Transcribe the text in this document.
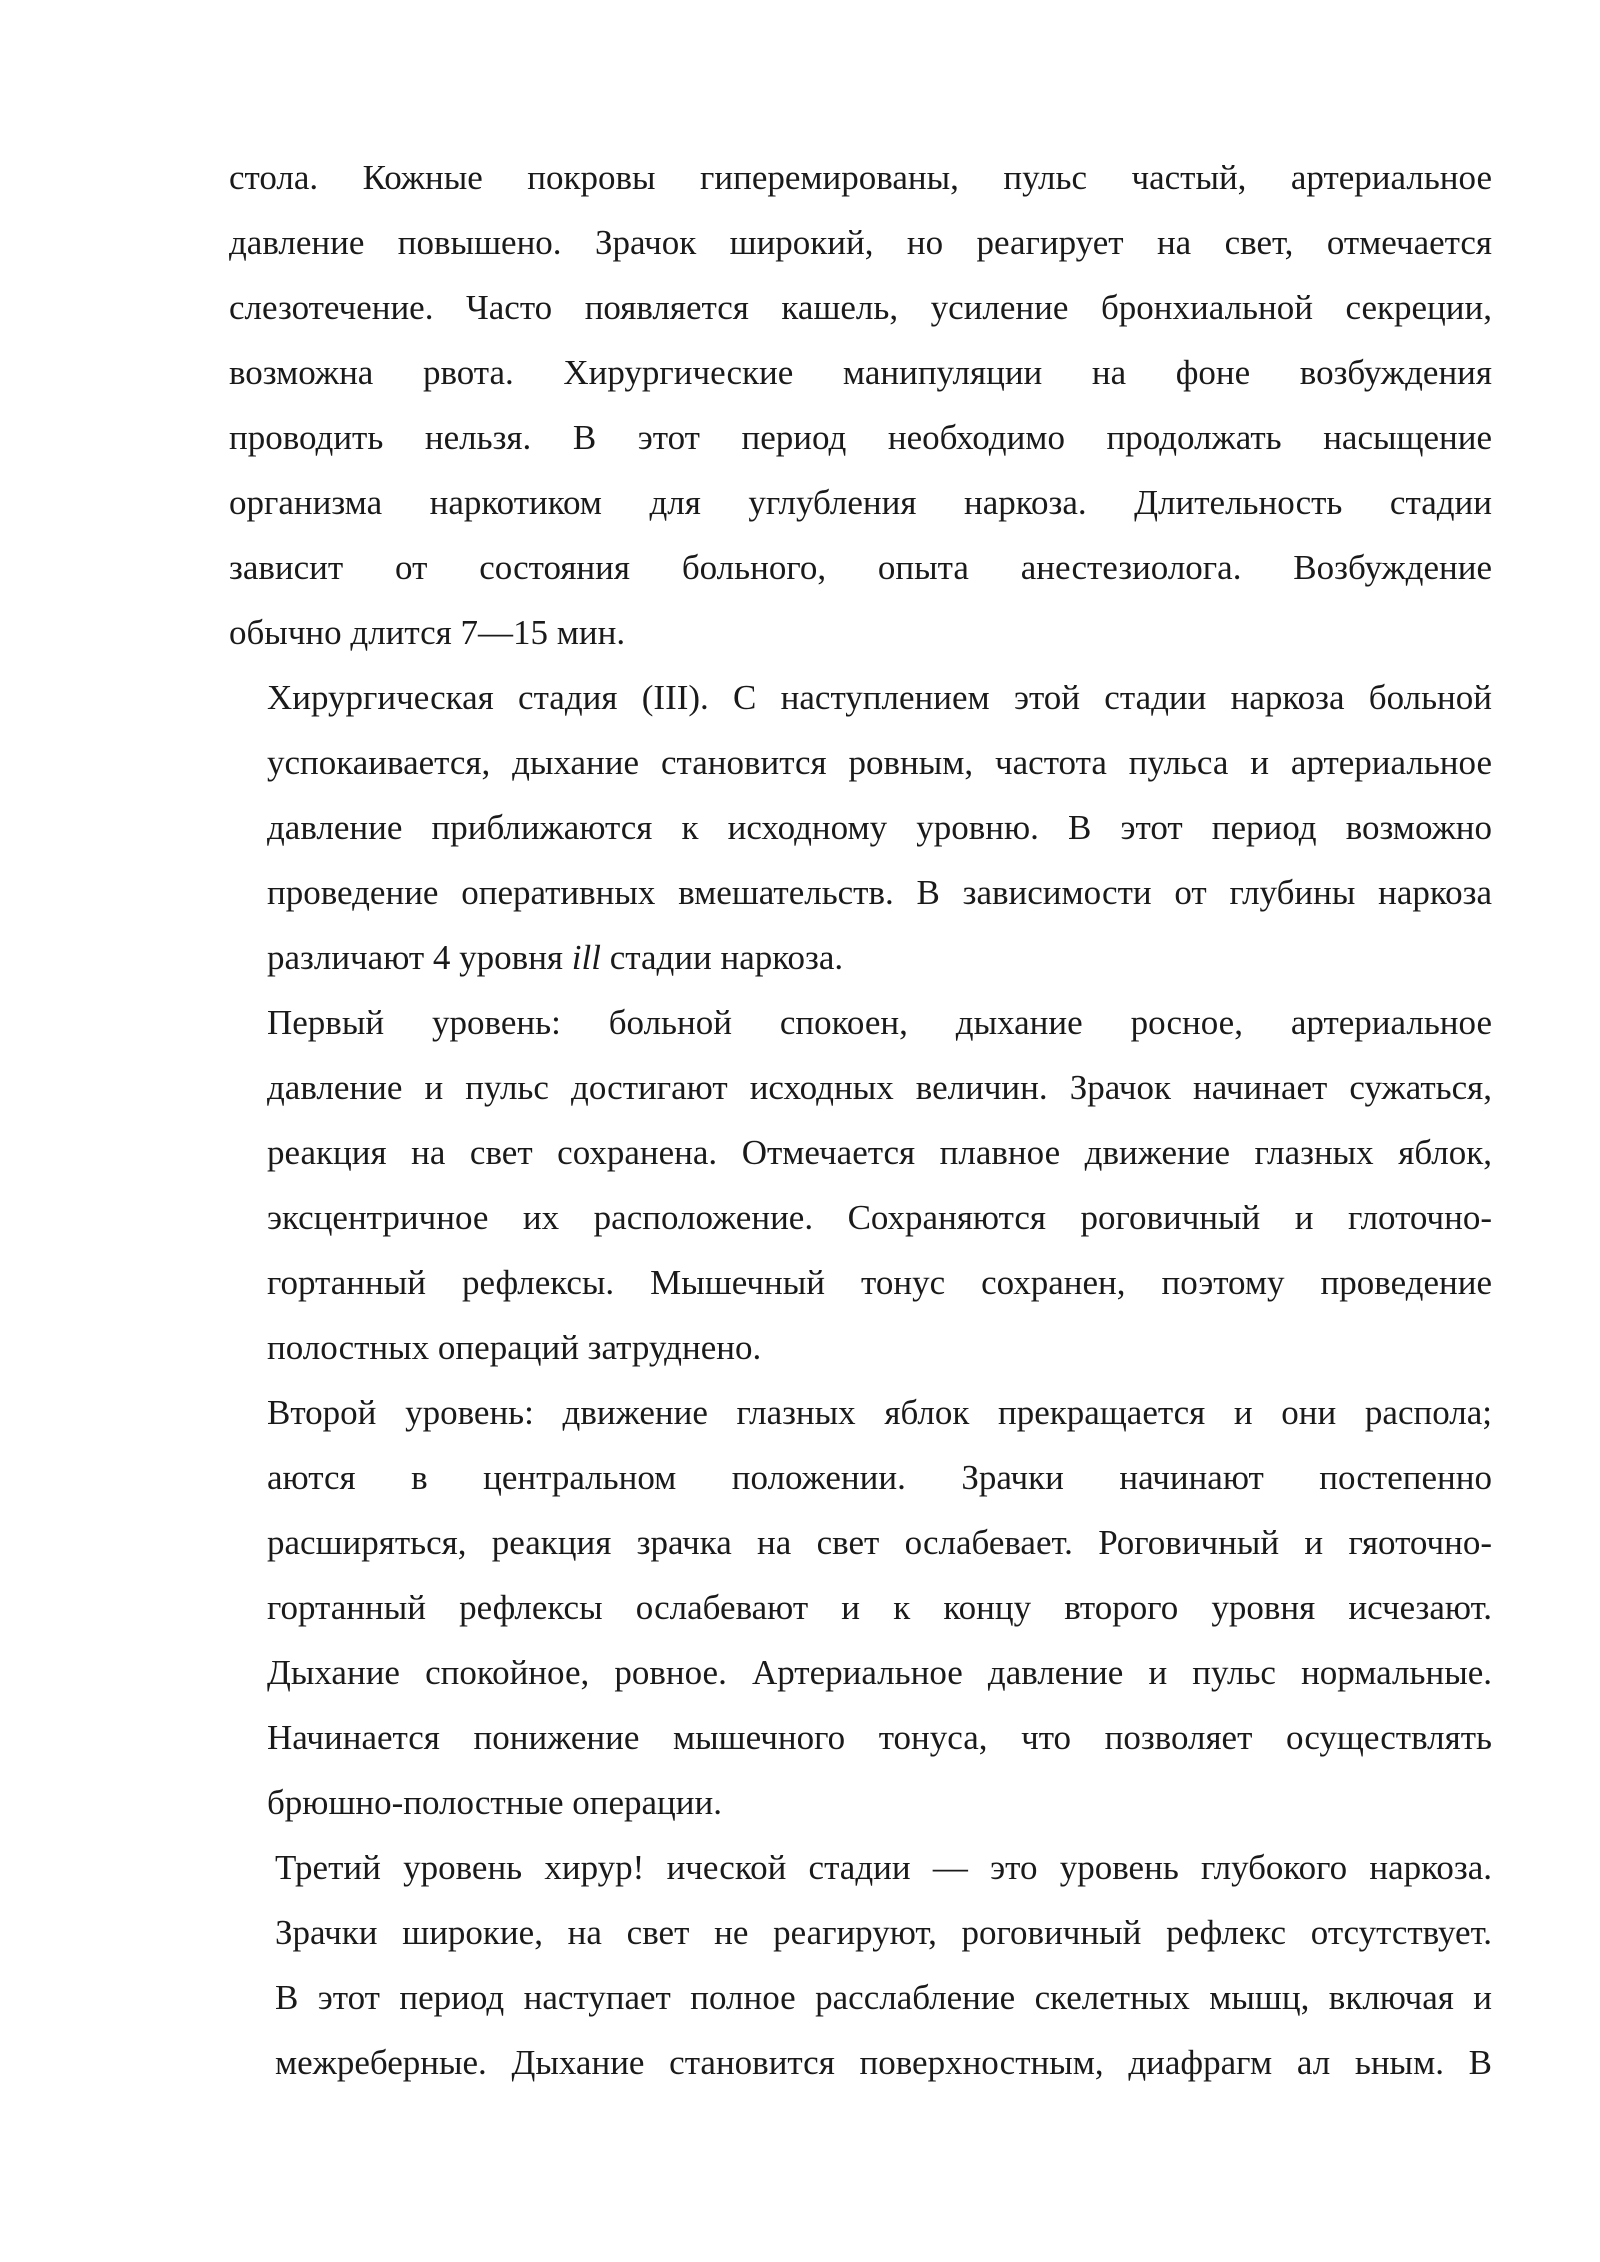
стола. Кожные покровы гиперемированы, пульс частый, артериальное
давление повышено. Зрачок широкий, но реагирует на свет, отмечается
слезотечение. Часто появляется кашель, усиление бронхиальной секреции,
возможна рвота. Хирургические манипуляции на фоне возбуждения
проводить нельзя. В этот период необходимо продолжать насыщение
организма наркотиком для углубления наркоза. Длительность стадии
зависит от состояния больного, опыта анестезиолога. Возбуждение
обычно длится 7—15 мин.

Хирургическая стадия (III). С наступлением этой стадии наркоза больной
успокаивается, дыхание становится ровным, частота пульса и артериальное
давление приближаются к исходному уровню. В этот период возможно
проведение оперативных вмешательств. В зависимости от глубины наркоза
различают 4 уровня ill стадии наркоза.

Первый уровень: больной спокоен, дыхание росное, артериальное
давление и пульс достигают исходных величин. Зрачок начинает сужаться,
реакция на свет сохранена. Отмечается плавное движение глазных яблок,
эксцентричное их расположение. Сохраняются роговичный и глоточно-
гортанный рефлексы. Мышечный тонус сохранен, поэтому проведение
полостных операций затруднено.

Второй уровень: движение глазных яблок прекращается и они распола;
аются в центральном положении. Зрачки начинают постепенно
расширяться, реакция зрачка на свет ослабевает. Роговичный и гяоточно-
гортанный рефлексы ослабевают и к концу второго уровня исчезают.
Дыхание спокойное, ровное. Артериальное давление и пульс нормальные.
Начинается понижение мышечного тонуса, что позволяет осуществлять
брюшно-полостные операции.

Третий уровень хирур! ической стадии — это уровень глубокого наркоза.
Зрачки широкие, на свет не реагируют, роговичный рефлекс отсутствует.
В этот период наступает полное расслабление скелетных мышц, включая и
межреберные. Дыхание становится поверхностным, диафрагм ал ьным. В
